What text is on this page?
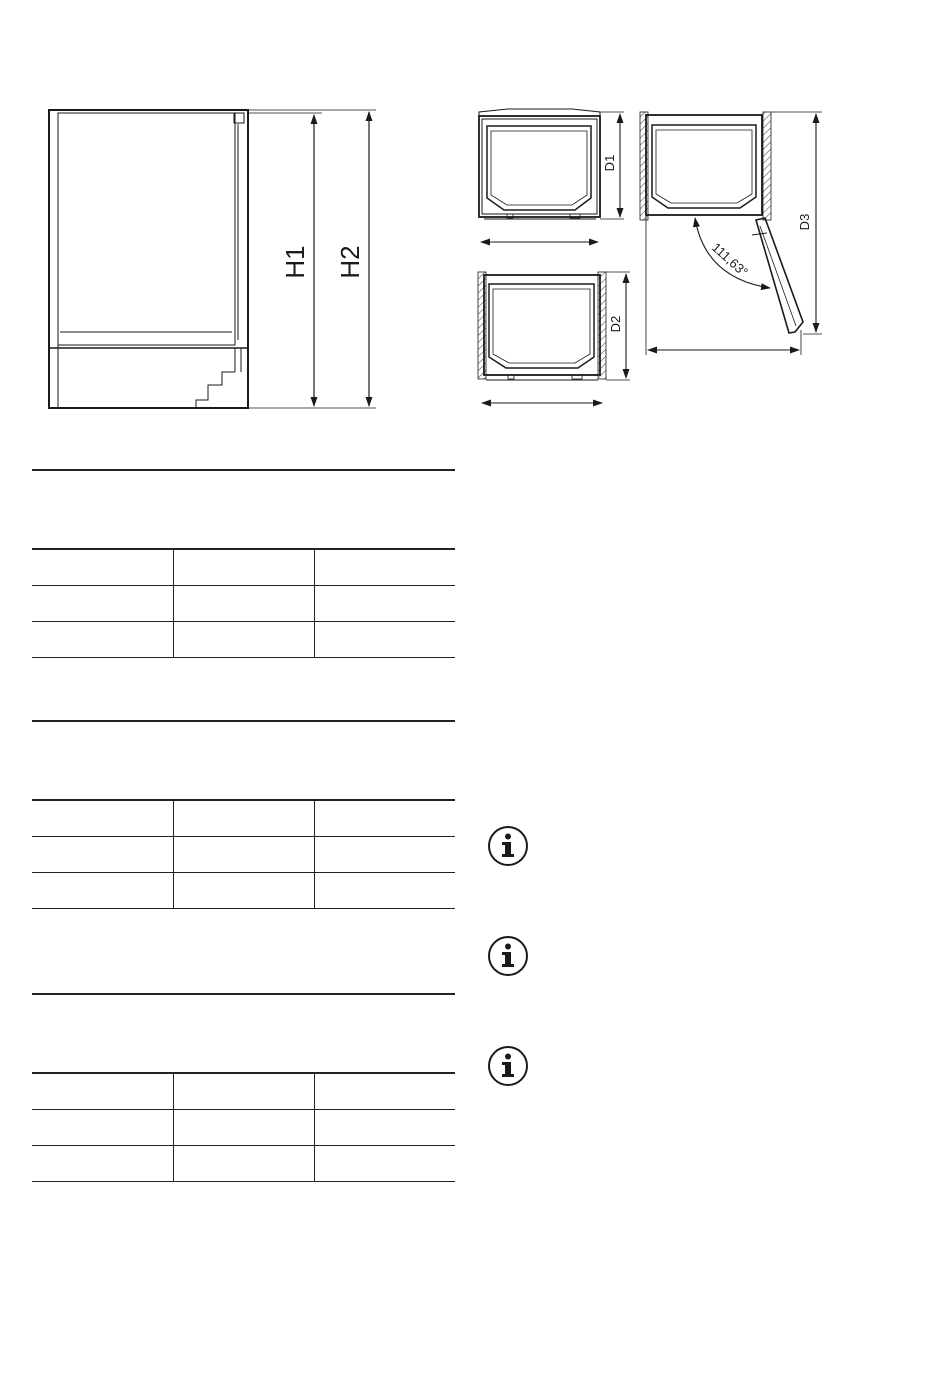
H1 H2
D1
D2
D3
111,63°
